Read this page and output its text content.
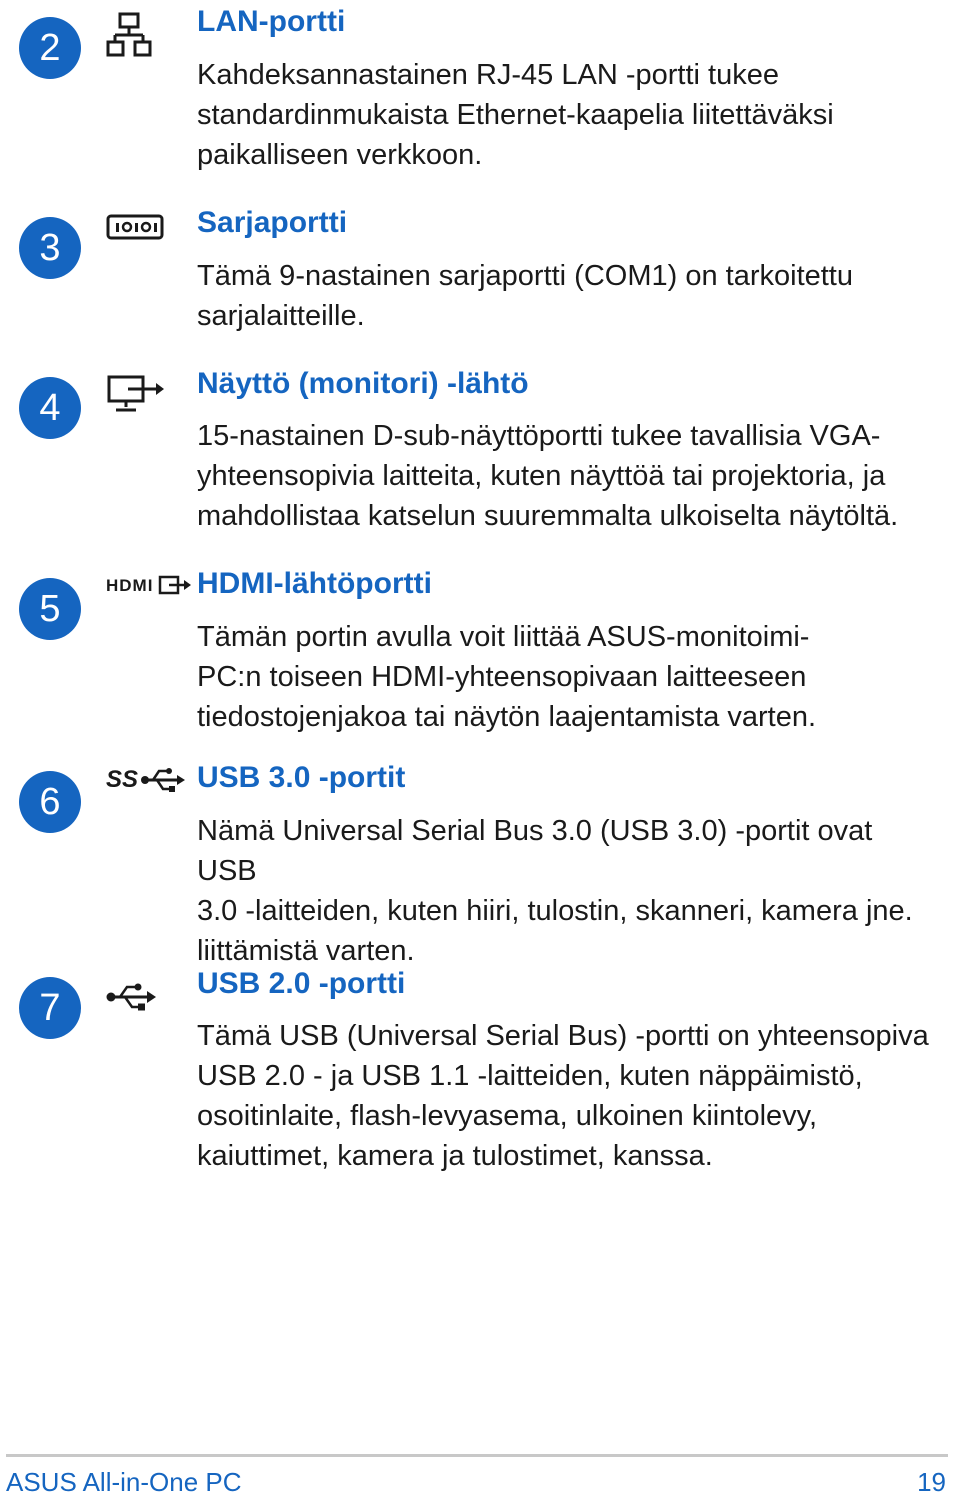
2
LAN-portti
Kahdeksannastainen RJ-45 LAN -portti tukee
standardinmukaista Ethernet-kaapelia liitettäväksi
paikalliseen verkkoon.
3
Sarjaportti
Tämä 9-nastainen sarjaportti (COM1) on tarkoitettu
sarjalaitteille.
4
Näyttö (monitori) -lähtö
15-nastainen D-sub-näyttöportti tukee tavallisia VGA-
yhteensopivia laitteita, kuten näyttöä tai projektoria, ja
mahdollistaa katselun suuremmalta ulkoiselta näytöltä.
5
HDMI HDMI-lähtöportti
Tämän portin avulla voit liittää ASUS-monitoimi-
PC:n toiseen HDMI-yhteensopivaan laitteeseen
tiedostojenjakoa tai näytön laajentamista varten.
6
SS USB 3.0 -portit
Nämä Universal Serial Bus 3.0 (USB 3.0) -portit ovat USB
3.0 -laitteiden, kuten hiiri, tulostin, skanneri, kamera jne.
liittämistä varten.
7
USB 2.0 -portti
Tämä USB (Universal Serial Bus) -portti on yhteensopiva
USB 2.0 - ja USB 1.1 -laitteiden, kuten näppäimistö,
osoitinlaite, flash-levyasema, ulkoinen kiintolevy,
kaiuttimet, kamera ja tulostimet, kanssa.
ASUS All-in-One PC	19
